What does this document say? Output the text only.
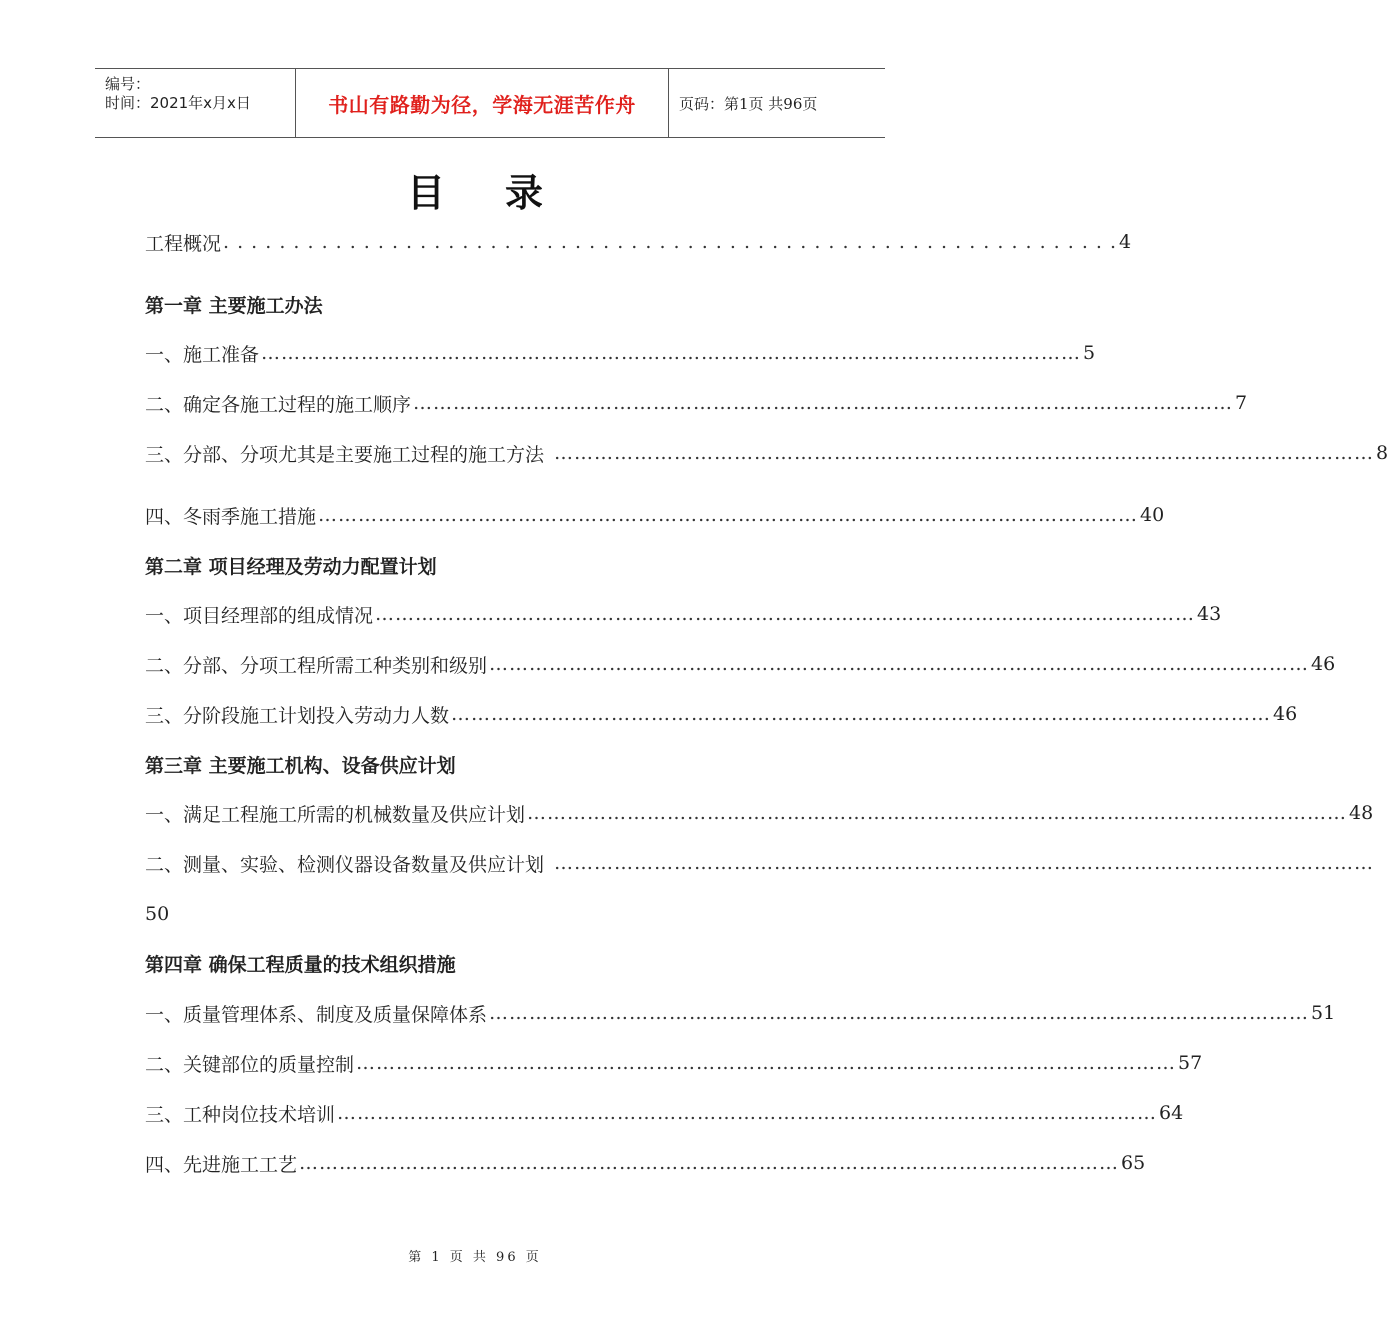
编号：
时间：2021年x月x日	书山有路勤为径，学海无涯苦作舟	页码：第1页 共96页
目录
工程概况 . . . . . . . . . . . . . . . . . . . . . . . . . . . . . . . . . . . . . . . . . . . . . . . . . . . . . . . . . . . . . . . . 4
第一章 主要施工办法
一、施工准备 …………………………………………………………………………………………………………… 5
二、确定各施工过程的施工顺序 …………………………………………………………………………………………………………… 7
三、分部、分项尤其是主要施工过程的施工方法 …………………………………………………………………………………………………………… 8
四、冬雨季施工措施 …………………………………………………………………………………………………………… 40
第二章 项目经理及劳动力配置计划
一、项目经理部的组成情况 …………………………………………………………………………………………………………… 43
二、分部、分项工程所需工种类别和级别 …………………………………………………………………………………………………………… 46
三、分阶段施工计划投入劳动力人数 …………………………………………………………………………………………………………… 46
第三章 主要施工机构、设备供应计划
一、满足工程施工所需的机械数量及供应计划 …………………………………………………………………………………………………………… 48
二、测量、实验、检测仪器设备数量及供应计划 ……………………………………………………………………………………………………………
50
第四章 确保工程质量的技术组织措施
一、质量管理体系、制度及质量保障体系 …………………………………………………………………………………………………………… 51
二、关键部位的质量控制 …………………………………………………………………………………………………………… 57
三、工种岗位技术培训 …………………………………………………………………………………………………………… 64
四、先进施工工艺 …………………………………………………………………………………………………………… 65
第 1 页 共 96 页
